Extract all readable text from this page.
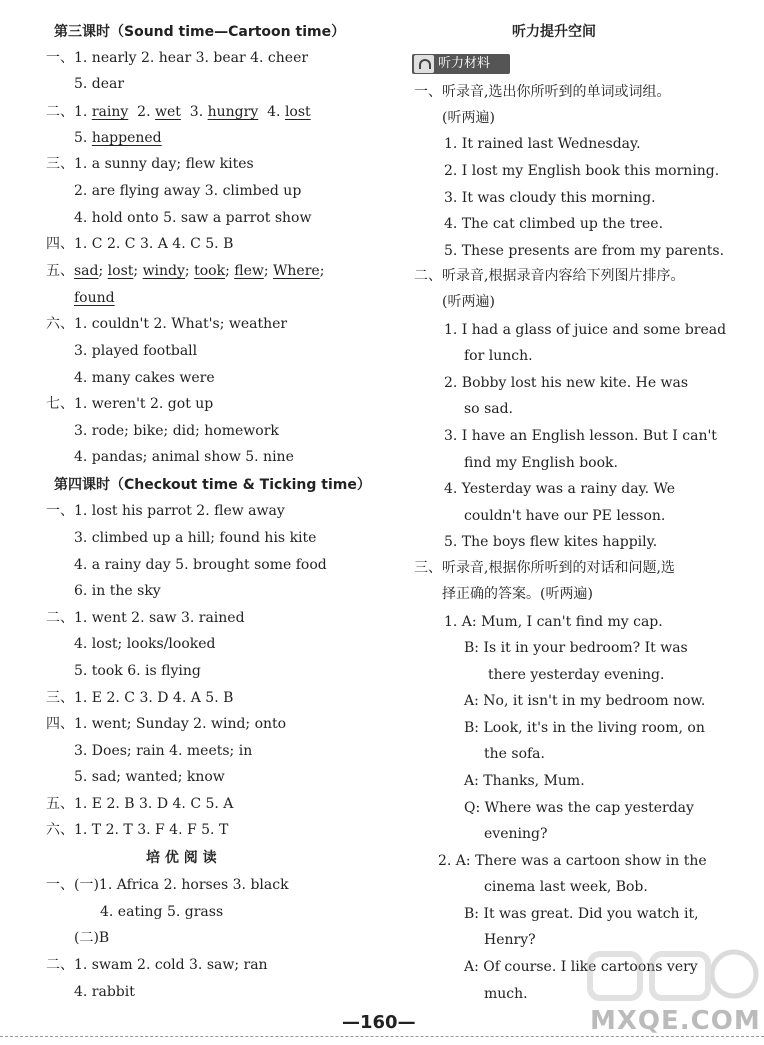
第三课时（Sound time—Cartoon time）
一、1. nearly 2. hear 3. bear 4. cheer
5. dear
二、1. rainy  2. wet  3. hungry  4. lost
5. happened
三、1. a sunny day; flew kites
2. are flying away 3. climbed up
4. hold onto 5. saw a parrot show
四、1. C 2. C 3. A 4. C 5. B
五、sad; lost; windy; took; flew; Where;
found
六、1. couldn't 2. What's; weather
3. played football
4. many cakes were
七、1. weren't 2. got up
3. rode; bike; did; homework
4. pandas; animal show 5. nine
第四课时（Checkout time & Ticking time）
一、1. lost his parrot 2. flew away
3. climbed up a hill; found his kite
4. a rainy day 5. brought some food
6. in the sky
二、1. went 2. saw 3. rained
4. lost; looks/looked
5. took 6. is flying
三、1. E 2. C 3. D 4. A 5. B
四、1. went; Sunday 2. wind; onto
3. Does; rain 4. meets; in
5. sad; wanted; know
五、1. E 2. B 3. D 4. C 5. A
六、1. T 2. T 3. F 4. F 5. T
培 优 阅 读
一、(一)1. Africa 2. horses 3. black
4. eating 5. grass
(二)B
二、1. swam 2. cold 3. saw; ran
4. rabbit
听力提升空间
听力材料
一、听录音,选出你所听到的单词或词组。
(听两遍)
1. It rained last Wednesday.
2. I lost my English book this morning.
3. It was cloudy this morning.
4. The cat climbed up the tree.
5. These presents are from my parents.
二、听录音,根据录音内容给下列图片排序。
(听两遍)
1. I had a glass of juice and some bread
for lunch.
2. Bobby lost his new kite. He was
so sad.
3. I have an English lesson. But I can't
find my English book.
4. Yesterday was a rainy day. We
couldn't have our PE lesson.
5. The boys flew kites happily.
三、听录音,根据你所听到的对话和问题,选
择正确的答案。(听两遍)
1. A: Mum, I can't find my cap.
B: Is it in your bedroom? It was
there yesterday evening.
A: No, it isn't in my bedroom now.
B: Look, it's in the living room, on
the sofa.
A: Thanks, Mum.
Q: Where was the cap yesterday
evening?
2. A: There was a cartoon show in the
cinema last week, Bob.
B: It was great. Did you watch it,
Henry?
A: Of course. I like cartoons very
much.
MXQE.COM
—160—
